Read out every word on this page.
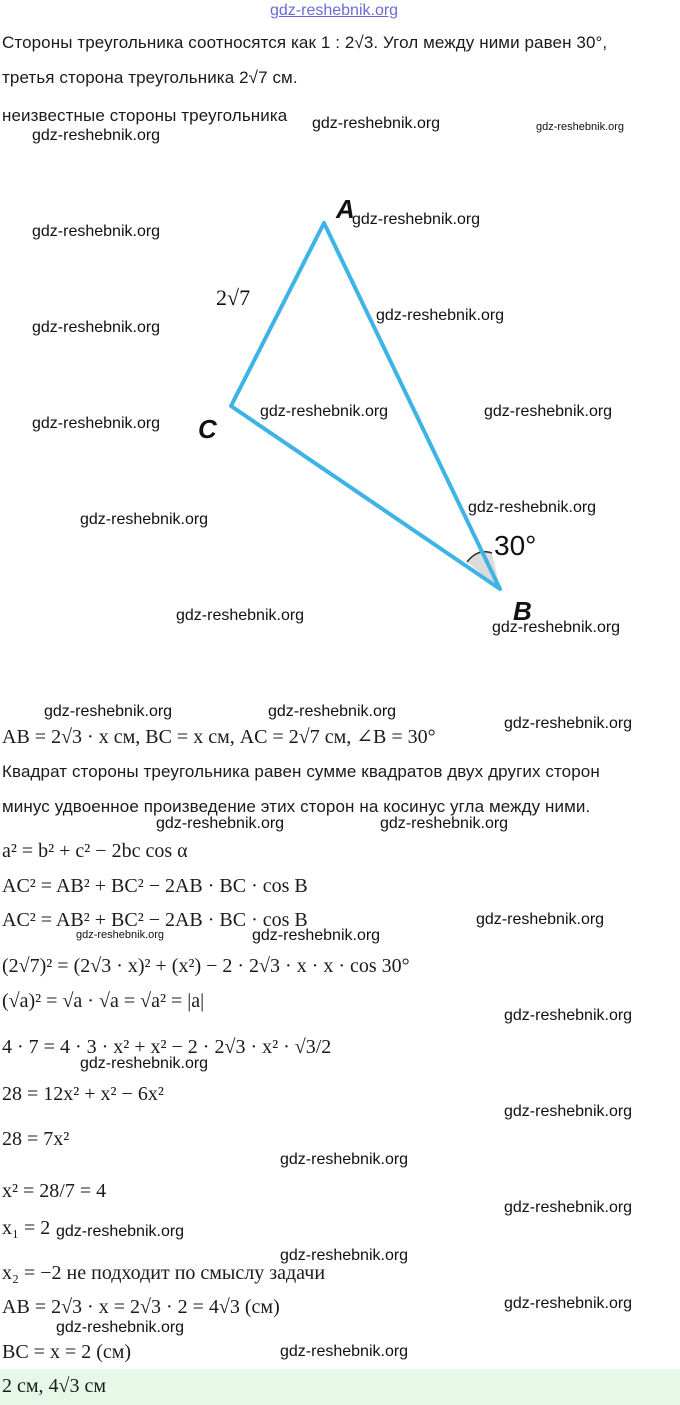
gdz-reshebnik.org
Стороны треугольника соотносятся как 1 : 2√3. Угол между ними равен 30°,
третья сторона треугольника 2√7 см.
неизвестные стороны треугольника
A
C
B
2√7
30°
AB = 2√3 · x см, BC = x см, AC = 2√7 см, ∠B = 30°
Квадрат стороны треугольника равен сумме квадратов двух других сторон
минус удвоенное произведение этих сторон на косинус угла между ними.
a² = b² + c² − 2bc cos α
AC² = AB² + BC² − 2AB · BC · cos B
AC² = AB² + BC² − 2AB · BC · cos B
(2√7)² = (2√3 · x)² + (x²) − 2 · 2√3 · x · x · cos 30°
(√a)² = √a · √a = √a² = |a|
4 · 7 = 4 · 3 · x² + x² − 2 · 2√3 · x² · √3/2
28 = 12x² + x² − 6x²
28 = 7x²
x² = 28/7 = 4
x₁ = 2
x₂ = −2 не подходит по смыслу задачи
AB = 2√3 · x = 2√3 · 2 = 4√3 (см)
BC = x = 2 (см)
2 см, 4√3 см
gdz-reshebnik.org	gdz-reshebnik.org
gdz-reshebnik.org
gdz-reshebnik.org
gdz-reshebnik.org
gdz-reshebnik.org
gdz-reshebnik.org
gdz-reshebnik.org	gdz-reshebnik.org
gdz-reshebnik.org
gdz-reshebnik.org
gdz-reshebnik.org
gdz-reshebnik.org
gdz-reshebnik.org
gdz-reshebnik.org	gdz-reshebnik.org
gdz-reshebnik.org
gdz-reshebnik.org	gdz-reshebnik.org
gdz-reshebnik.org
gdz-reshebnik.org	gdz-reshebnik.org
gdz-reshebnik.org
gdz-reshebnik.org
gdz-reshebnik.org
gdz-reshebnik.org
gdz-reshebnik.org
gdz-reshebnik.org
gdz-reshebnik.org
gdz-reshebnik.org
gdz-reshebnik.org
gdz-reshebnik.org
